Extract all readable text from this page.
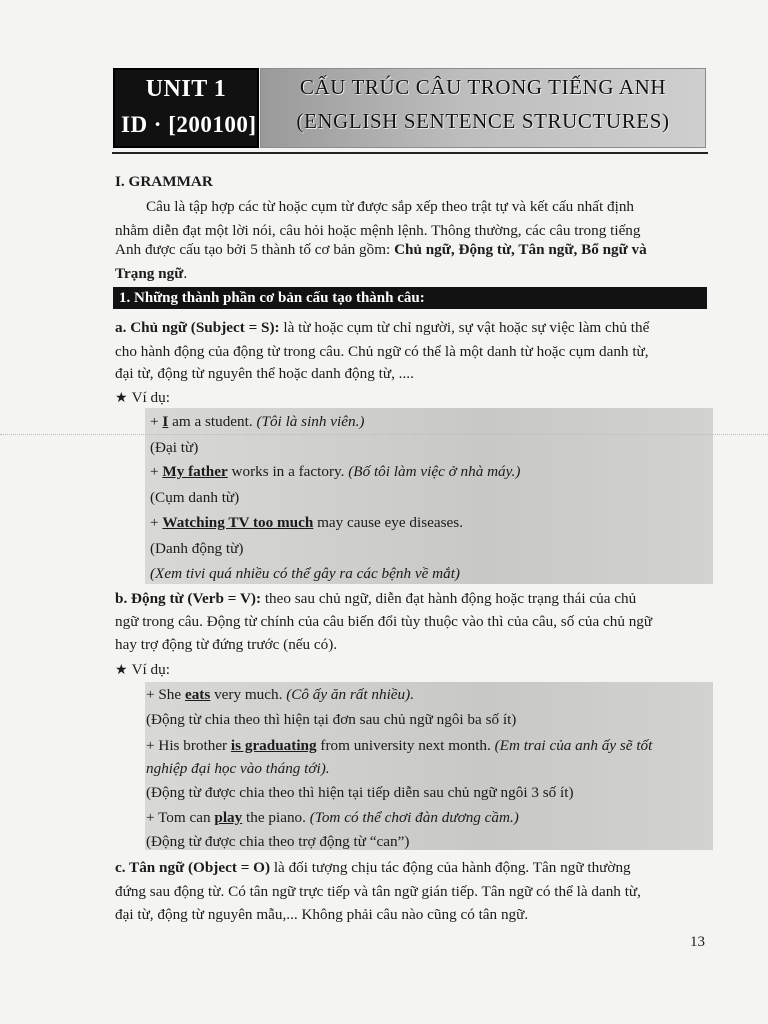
UNIT 1
ID · [200100]
CẤU TRÚC CÂU TRONG TIẾNG ANH
(ENGLISH SENTENCE STRUCTURES)
I. GRAMMAR
Câu là tập hợp các từ hoặc cụm từ được sắp xếp theo trật tự và kết cấu nhất định
nhằm diễn đạt một lời nói, câu hỏi hoặc mệnh lệnh. Thông thường, các câu trong tiếng
Anh được cấu tạo bởi 5 thành tố cơ bản gồm: Chủ ngữ, Động từ, Tân ngữ, Bổ ngữ và
Trạng ngữ.
1. Những thành phần cơ bản cấu tạo thành câu:
a. Chủ ngữ (Subject = S): là từ hoặc cụm từ chỉ người, sự vật hoặc sự việc làm chủ thể
cho hành động của động từ trong câu. Chủ ngữ có thể là một danh từ hoặc cụm danh từ,
đại từ, động từ nguyên thể hoặc danh động từ, ....
★ Ví dụ:
+ I am a student. (Tôi là sinh viên.)
(Đại từ)
+ My father works in a factory. (Bố tôi làm việc ở nhà máy.)
(Cụm danh từ)
+ Watching TV too much may cause eye diseases.
(Danh động từ)
(Xem tivi quá nhiều có thể gây ra các bệnh về mắt)
b. Động từ (Verb = V): theo sau chủ ngữ, diễn đạt hành động hoặc trạng thái của chủ
ngữ trong câu. Động từ chính của câu biến đổi tùy thuộc vào thì của câu, số của chủ ngữ
hay trợ động từ đứng trước (nếu có).
★ Ví dụ:
+ She eats very much. (Cô ấy ăn rất nhiều).
(Động từ chia theo thì hiện tại đơn sau chủ ngữ ngôi ba số ít)
+ His brother is graduating from university next month. (Em trai của anh ấy sẽ tốt
nghiệp đại học vào tháng tới).
(Động từ được chia theo thì hiện tại tiếp diễn sau chủ ngữ ngôi 3 số ít)
+ Tom can play the piano. (Tom có thể chơi đàn dương cầm.)
(Động từ được chia theo trợ động từ “can”)
c. Tân ngữ (Object = O) là đối tượng chịu tác động của hành động. Tân ngữ thường
đứng sau động từ. Có tân ngữ trực tiếp và tân ngữ gián tiếp. Tân ngữ có thể là danh từ,
đại từ, động từ nguyên mẫu,... Không phải câu nào cũng có tân ngữ.
13
